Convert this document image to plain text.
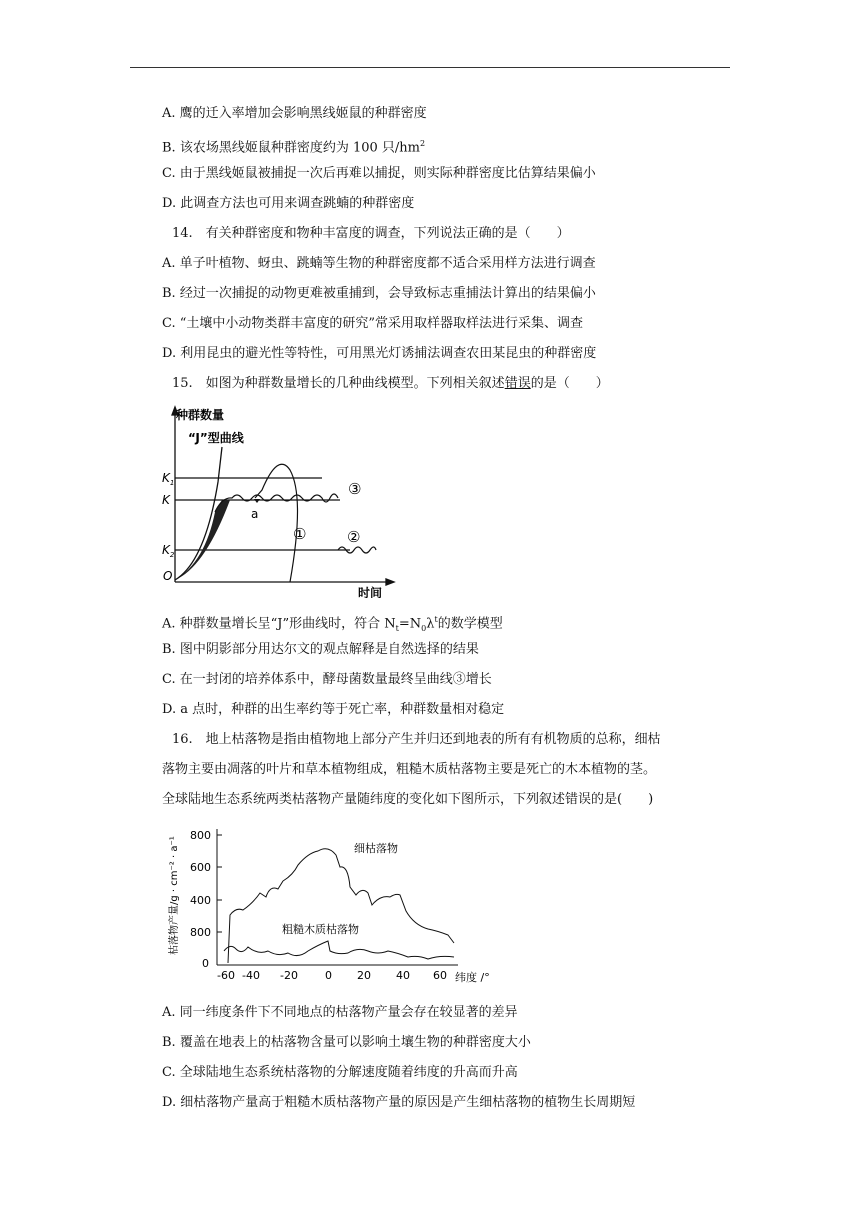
A. 鹰的迁入率增加会影响黑线姬鼠的种群密度
B. 该农场黑线姬鼠种群密度约为 100 只$/hm^2$
C. 由于黑线姬鼠被捕捉一次后再难以捕捉，则实际种群密度比估算结果偏小
D. 此调查方法也可用来调查跳蝻的种群密度
14.　有关种群密度和物种丰富度的调查，下列说法正确的是（　　）
A. 单子叶植物、蚜虫、跳蝻等生物的种群密度都不适合采用样方法进行调查
B. 经过一次捕捉的动物更难被重捕到，会导致标志重捕法计算出的结果偏小
C. “土壤中小动物类群丰富度的研究”常采用取样器取样法进行采集、调查
D. 利用昆虫的避光性等特性，可用黑光灯诱捕法调查农田某昆虫的种群密度
15.　如图为种群数量增长的几种曲线模型。下列相关叙述错误的是（　　）
种群数量
“J”型曲线
$K_1$
K
$K_2$
O
a
①	②
③
时间
A. 种群数量增长呈“J”形曲线时，符合 $N_t=N_0\lambda^t$的数学模型
B. 图中阴影部分用达尔文的观点解释是自然选择的结果
C. 在一封闭的培养体系中，酵母菌数量最终呈曲线③增长
D. a 点时，种群的出生率约等于死亡率，种群数量相对稳定
16.　地上枯落物是指由植物地上部分产生并归还到地表的所有有机物质的总称，细枯
落物主要由凋落的叶片和草本植物组成，粗糙木质枯落物主要是死亡的木本植物的茎。
全球陆地生态系统两类枯落物产量随纬度的变化如下图所示，下列叙述错误的是(　　)
枯落物产量/g · cm⁻² · a⁻¹
800
600
400
800
0
细枯落物
粗糙木质枯落物
-60 -40 -20 0 20 40 60 纬度 /°
A. 同一纬度条件下不同地点的枯落物产量会存在较显著的差异
B. 覆盖在地表上的枯落物含量可以影响土壤生物的种群密度大小
C. 全球陆地生态系统枯落物的分解速度随着纬度的升高而升高
D. 细枯落物产量高于粗糙木质枯落物产量的原因是产生细枯落物的植物生长周期短
